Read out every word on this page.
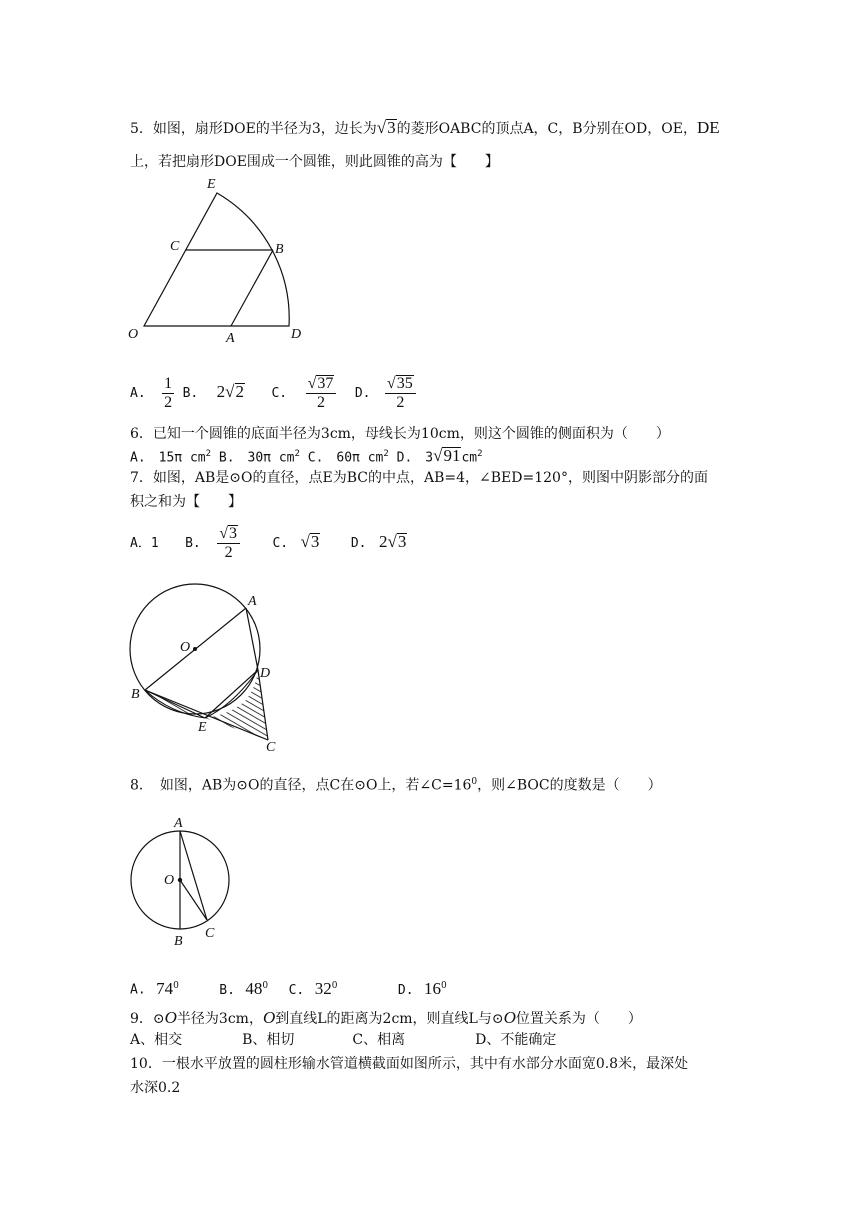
5．如图，扇形DOE的半径为3，边长为√3的菱形OABC的顶点A，C，B分别在OD，OE，DE
上，若把扇形DOE围成一个圆锥，则此圆锥的高为【　　】
E
C	B
O	A	D
A. $\frac{1}{2} B$. 2√2 C. $\frac{√37}{2} D$. $\frac{√35}{2}$
6．已知一个圆锥的底面半径为3cm，母线长为10cm，则这个圆锥的侧面积为（　　）
A.　15π $cm^2$ B.　30π $cm^2$ C.　60π $cm^2$ D.　$3√91cm^2$
7．如图，AB是⊙O的直径，点E为BC的中点，AB=4，∠BED=120°，则图中阴影部分的面
积之和为【　　】
A．1 B. $\frac{√3}{2} C$. √3 D. 2√3
A
O
D
B
E
C
8．　如图，AB为⊙O的直径，点C在⊙O上，若$\angle C=16^0$，则∠BOC的度数是（　　）
A
O
B
C
A. $74^0$	B. $48^0$ C. $32^0$	D. $16^0$
9．⊙O半径为3cm，O到直线L的距离为2cm，则直线L与⊙O位置关系为（　　）
A、相交	B、相切	C、相离	D、不能确定
10．一根水平放置的圆柱形输水管道横截面如图所示，其中有水部分水面宽0.8米，最深处
水深0.2
